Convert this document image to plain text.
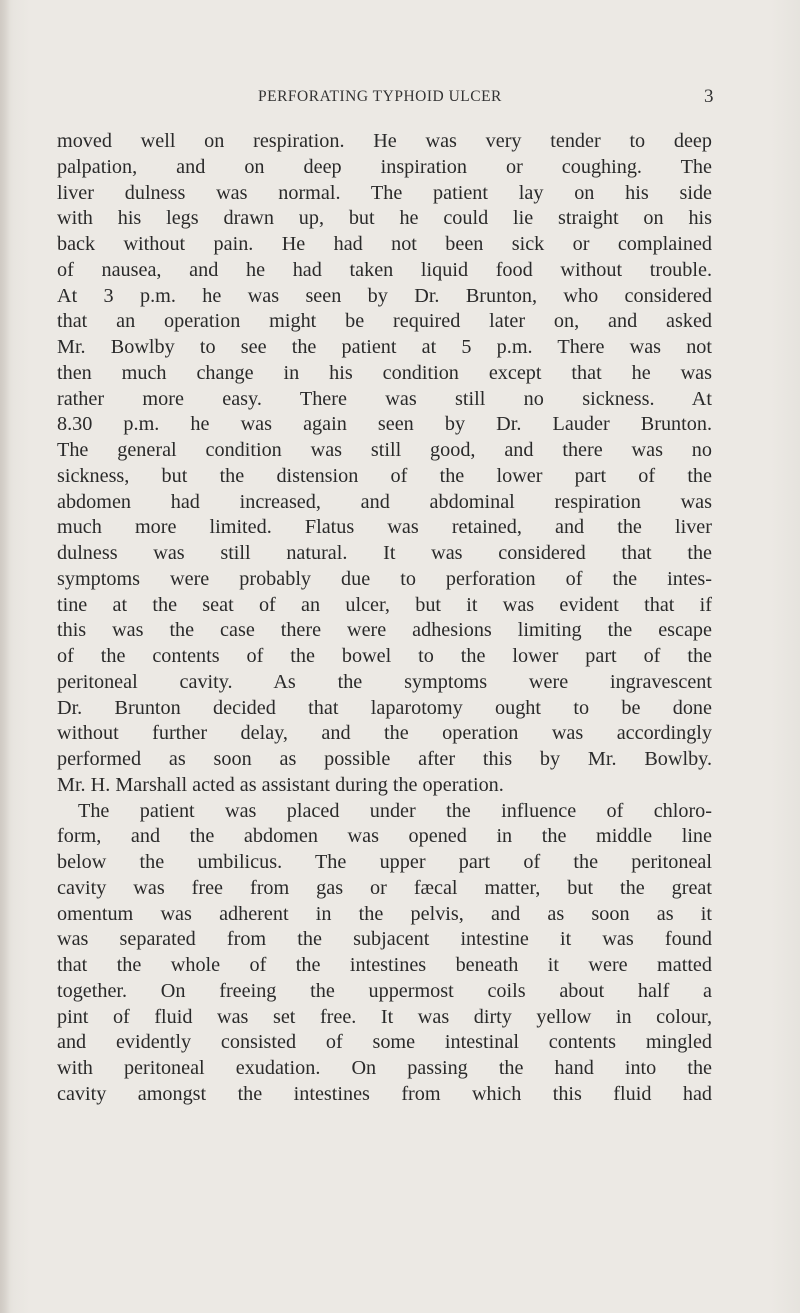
PERFORATING TYPHOID ULCER	3
moved well on respiration. He was very tender to deep
palpation, and on deep inspiration or coughing. The
liver dulness was normal. The patient lay on his side
with his legs drawn up, but he could lie straight on his
back without pain. He had not been sick or complained
of nausea, and he had taken liquid food without trouble.
At 3 p.m. he was seen by Dr. Brunton, who considered
that an operation might be required later on, and asked
Mr. Bowlby to see the patient at 5 p.m. There was not
then much change in his condition except that he was
rather more easy. There was still no sickness. At
8.30 p.m. he was again seen by Dr. Lauder Brunton.
The general condition was still good, and there was no
sickness, but the distension of the lower part of the
abdomen had increased, and abdominal respiration was
much more limited. Flatus was retained, and the liver
dulness was still natural. It was considered that the
symptoms were probably due to perforation of the intes-
tine at the seat of an ulcer, but it was evident that if
this was the case there were adhesions limiting the escape
of the contents of the bowel to the lower part of the
peritoneal cavity. As the symptoms were ingravescent
Dr. Brunton decided that laparotomy ought to be done
without further delay, and the operation was accordingly
performed as soon as possible after this by Mr. Bowlby.
Mr. H. Marshall acted as assistant during the operation.
The patient was placed under the influence of chloro-
form, and the abdomen was opened in the middle line
below the umbilicus. The upper part of the peritoneal
cavity was free from gas or fæcal matter, but the great
omentum was adherent in the pelvis, and as soon as it
was separated from the subjacent intestine it was found
that the whole of the intestines beneath it were matted
together. On freeing the uppermost coils about half a
pint of fluid was set free. It was dirty yellow in colour,
and evidently consisted of some intestinal contents mingled
with peritoneal exudation. On passing the hand into the
cavity amongst the intestines from which this fluid had
